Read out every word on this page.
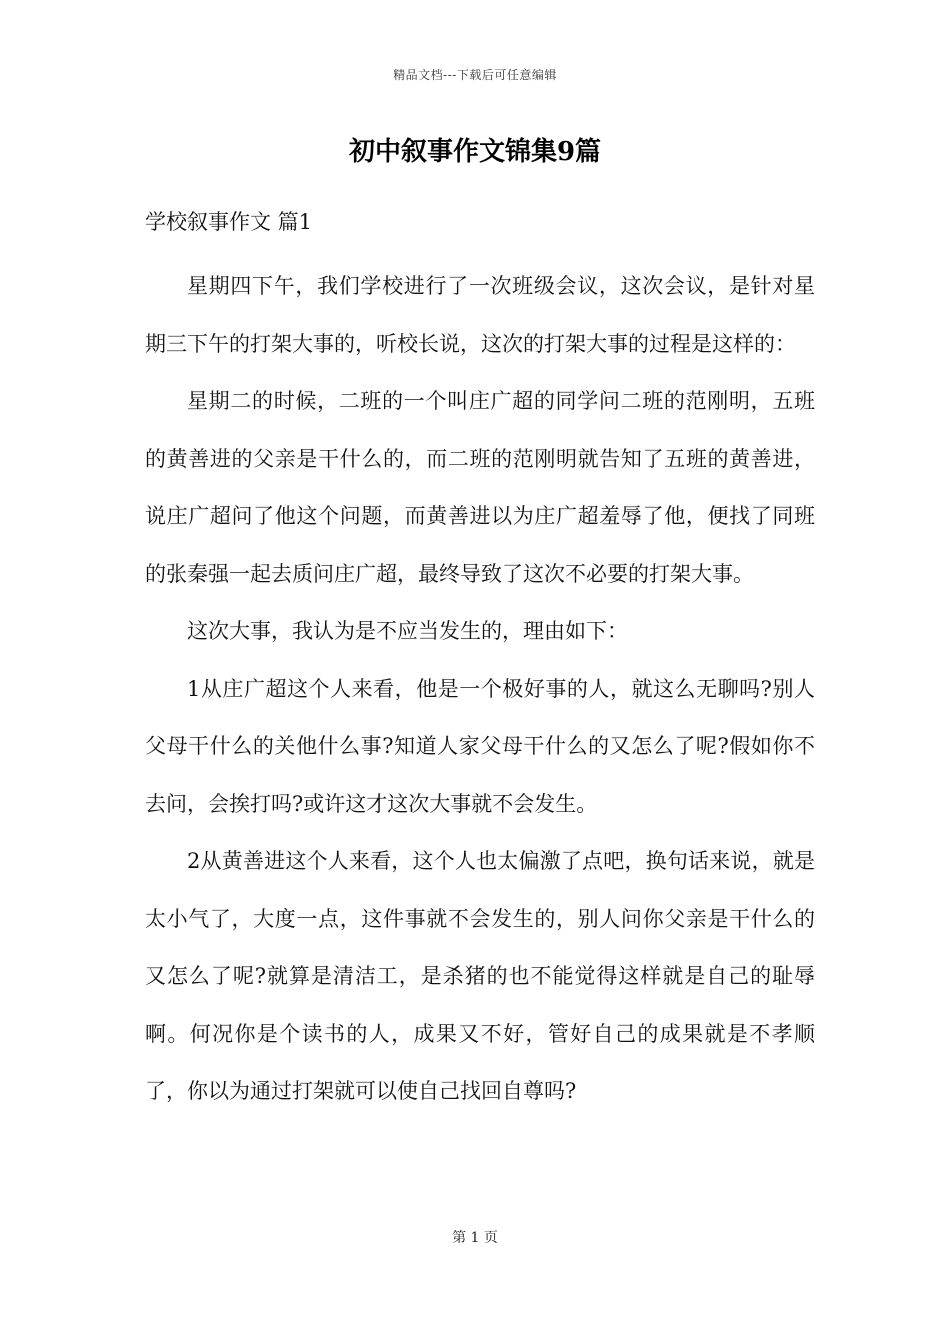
精品文档---下载后可任意编辑
初中叙事作文锦集9篇

学校叙事作文 篇1

星期四下午，我们学校进行了一次班级会议，这次会议，是针对星期三下午的打架大事的，听校长说，这次的打架大事的过程是这样的：

星期二的时候，二班的一个叫庄广超的同学问二班的范刚明，五班的黄善进的父亲是干什么的，而二班的范刚明就告知了五班的黄善进，说庄广超问了他这个问题，而黄善进以为庄广超羞辱了他，便找了同班的张秦强一起去质问庄广超，最终导致了这次不必要的打架大事。

这次大事，我认为是不应当发生的，理由如下：

1从庄广超这个人来看，他是一个极好事的人，就这么无聊吗?别人父母干什么的关他什么事?知道人家父母干什么的又怎么了呢?假如你不去问，会挨打吗?或许这才这次大事就不会发生。

2从黄善进这个人来看，这个人也太偏激了点吧，换句话来说，就是太小气了，大度一点，这件事就不会发生的，别人问你父亲是干什么的又怎么了呢?就算是清洁工，是杀猪的也不能觉得这样就是自己的耻辱啊。何况你是个读书的人，成果又不好，管好自己的成果就是不孝顺了，你以为通过打架就可以使自己找回自尊吗?

第 1 页
